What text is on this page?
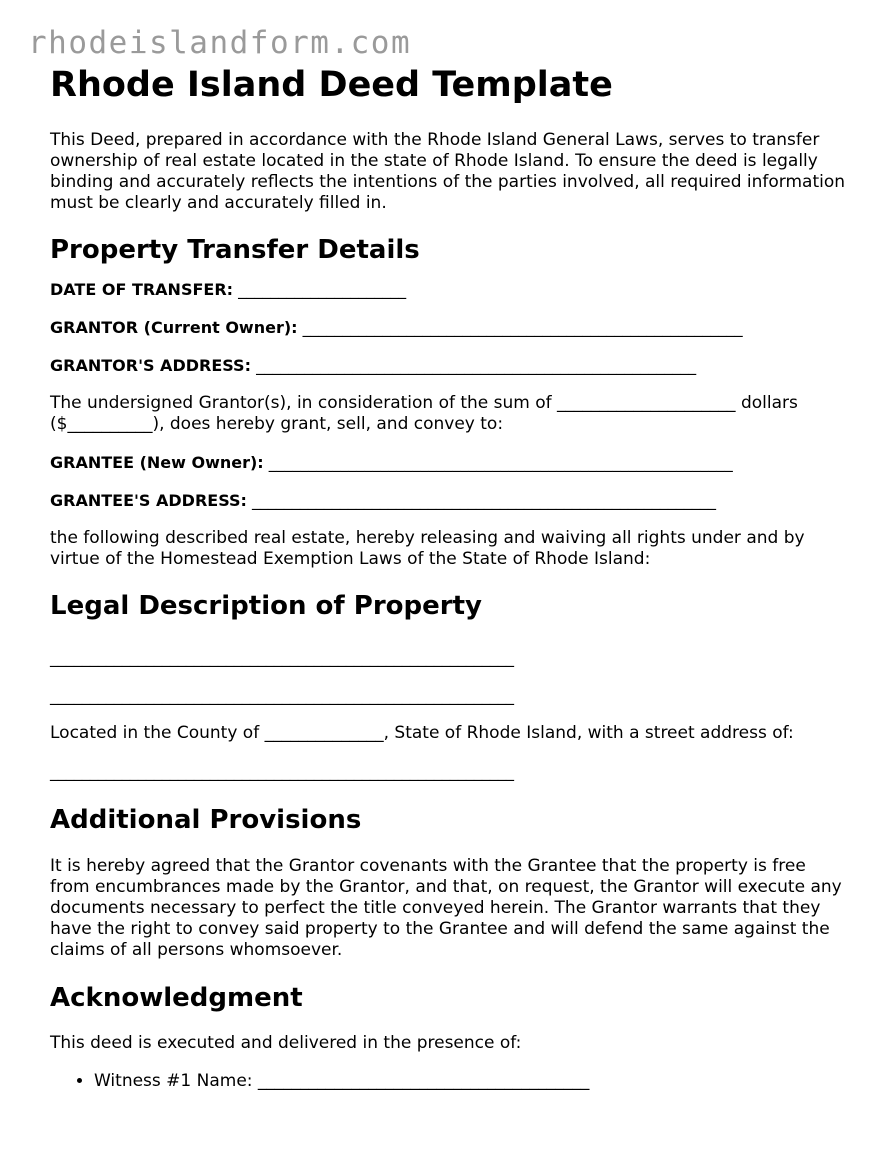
rhodeislandform.com
Rhode Island Deed Template

This Deed, prepared in accordance with the Rhode Island General Laws, serves to transfer ownership of real estate located in the state of Rhode Island. To ensure the deed is legally binding and accurately reflects the intentions of the parties involved, all required information must be clearly and accurately filled in.

Property Transfer Details
DATE OF TRANSFER: _____________________
GRANTOR (Current Owner): _______________________________________________________
GRANTOR'S ADDRESS: _______________________________________________________

The undersigned Grantor(s), in consideration of the sum of _____________________ dollars ($__________), does hereby grant, sell, and convey to:

GRANTEE (New Owner): __________________________________________________________
GRANTEE'S ADDRESS: __________________________________________________________

the following described real estate, hereby releasing and waiving all rights under and by virtue of the Homestead Exemption Laws of the State of Rhode Island:

Legal Description of Property
__________________________________________________________
__________________________________________________________

Located in the County of ______________, State of Rhode Island, with a street address of:

__________________________________________________________
Additional Provisions

It is hereby agreed that the Grantor covenants with the Grantee that the property is free from encumbrances made by the Grantor, and that, on request, the Grantor will execute any documents necessary to perfect the title conveyed herein. The Grantor warrants that they have the right to convey said property to the Grantee and will defend the same against the claims of all persons whomsoever.

Acknowledgment

This deed is executed and delivered in the presence of:

• Witness #1 Name: _______________________________________
